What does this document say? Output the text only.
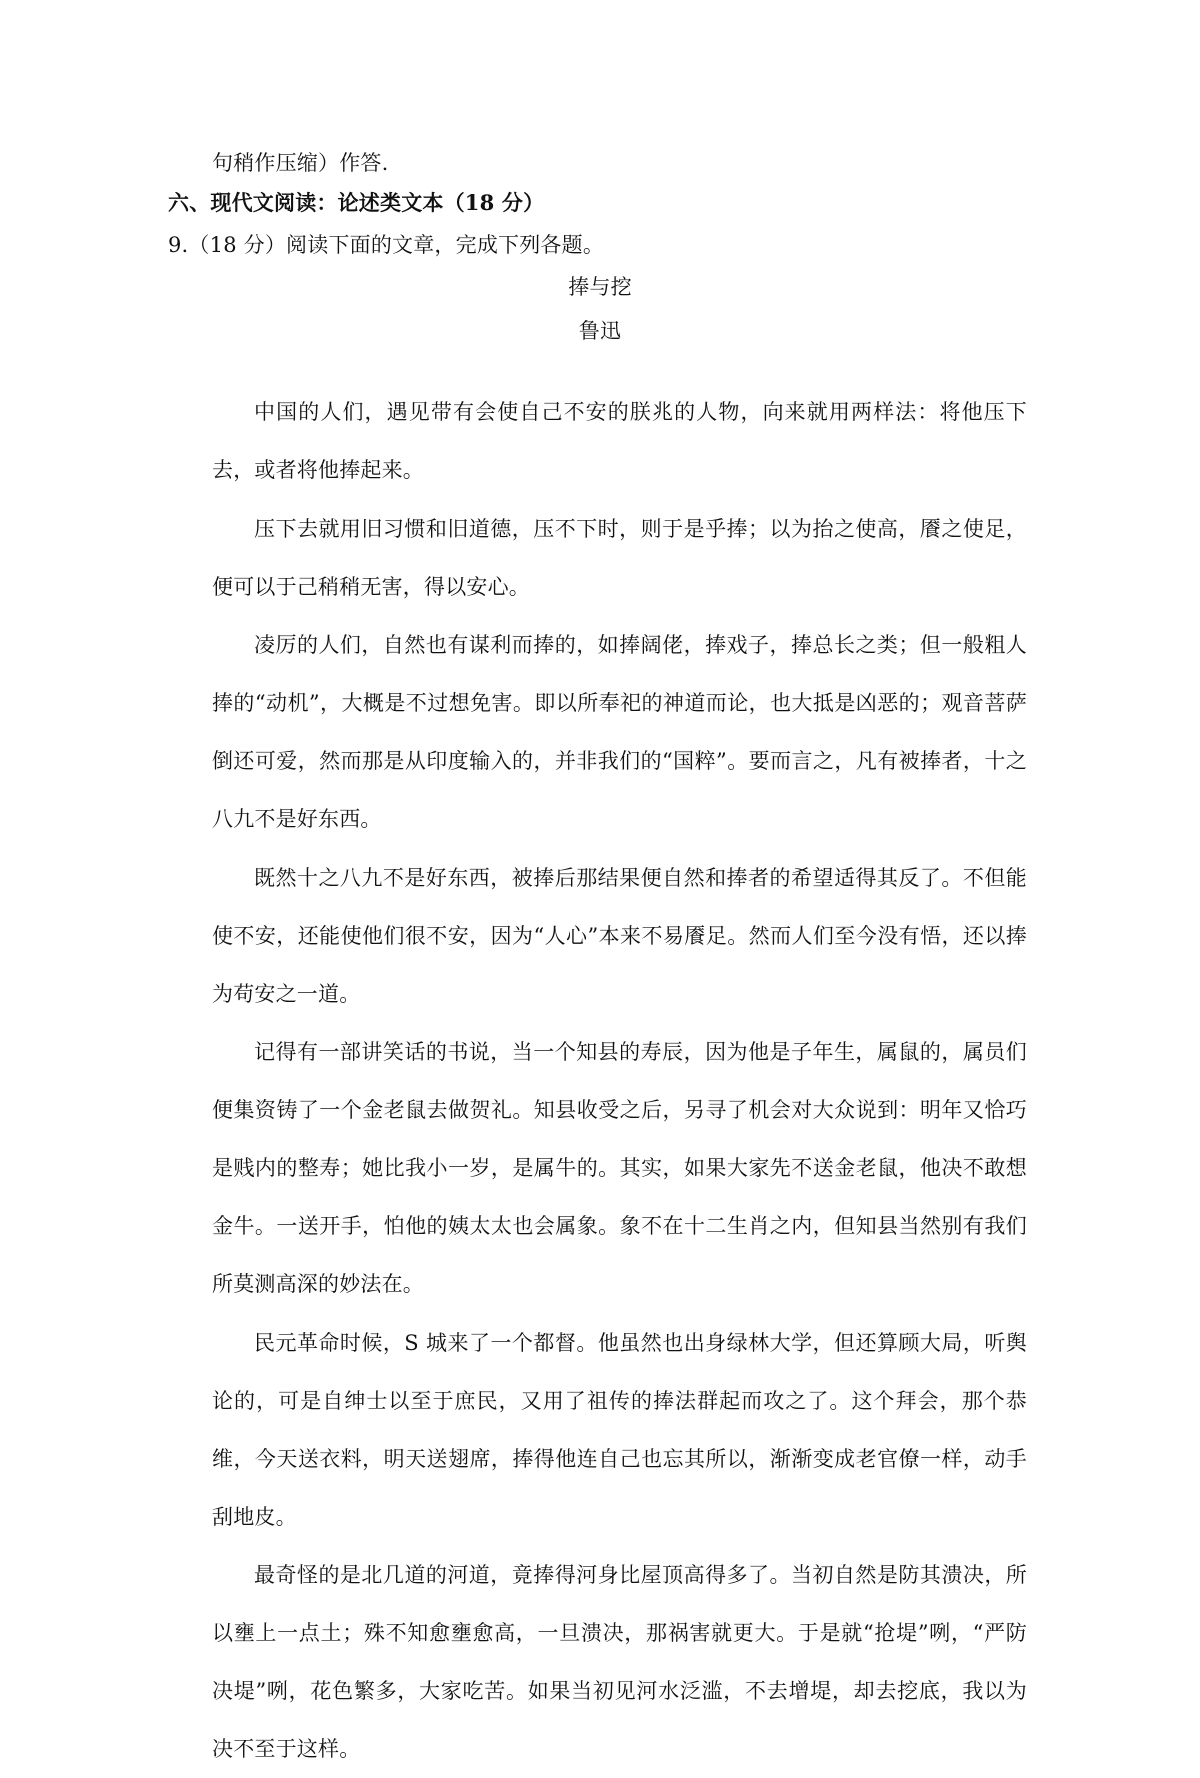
句稍作压缩）作答.
六、现代文阅读：论述类文本（18 分）
9.（18 分）阅读下面的文章，完成下列各题。
捧与挖
鲁迅

中国的人们，遇见带有会使自己不安的朕兆的人物，向来就用两样法：将他压下去，或者将他捧起来。

压下去就用旧习惯和旧道德，压不下时，则于是乎捧；以为抬之使高，餍之使足，便可以于己稍稍无害，得以安心。

凌厉的人们，自然也有谋利而捧的，如捧阔佬，捧戏子，捧总长之类；但一般粗人捧的“动机”，大概是不过想免害。即以所奉祀的神道而论，也大抵是凶恶的；观音菩萨倒还可爱，然而那是从印度输入的，并非我们的“国粹”。要而言之，凡有被捧者，十之八九不是好东西。

既然十之八九不是好东西，被捧后那结果便自然和捧者的希望适得其反了。不但能使不安，还能使他们很不安，因为“人心”本来不易餍足。然而人们至今没有悟，还以捧为苟安之一道。

记得有一部讲笑话的书说，当一个知县的寿辰，因为他是子年生，属鼠的，属员们便集资铸了一个金老鼠去做贺礼。知县收受之后，另寻了机会对大众说到：明年又恰巧是贱内的整寿；她比我小一岁，是属牛的。其实，如果大家先不送金老鼠，他决不敢想金牛。一送开手，怕他的姨太太也会属象。象不在十二生肖之内，但知县当然别有我们所莫测高深的妙法在。

民元革命时候，S 城来了一个都督。他虽然也出身绿林大学，但还算顾大局，听舆论的，可是自绅士以至于庶民，又用了祖传的捧法群起而攻之了。这个拜会，那个恭维，今天送衣料，明天送翅席，捧得他连自己也忘其所以，渐渐变成老官僚一样，动手刮地皮。

最奇怪的是北几道的河道，竟捧得河身比屋顶高得多了。当初自然是防其溃决，所以壅上一点土；殊不知愈壅愈高，一旦溃决，那祸害就更大。于是就“抢堤”咧，“严防决堤”咧，花色繁多，大家吃苦。如果当初见河水泛滥，不去增堤，却去挖底，我以为决不至于这样。
